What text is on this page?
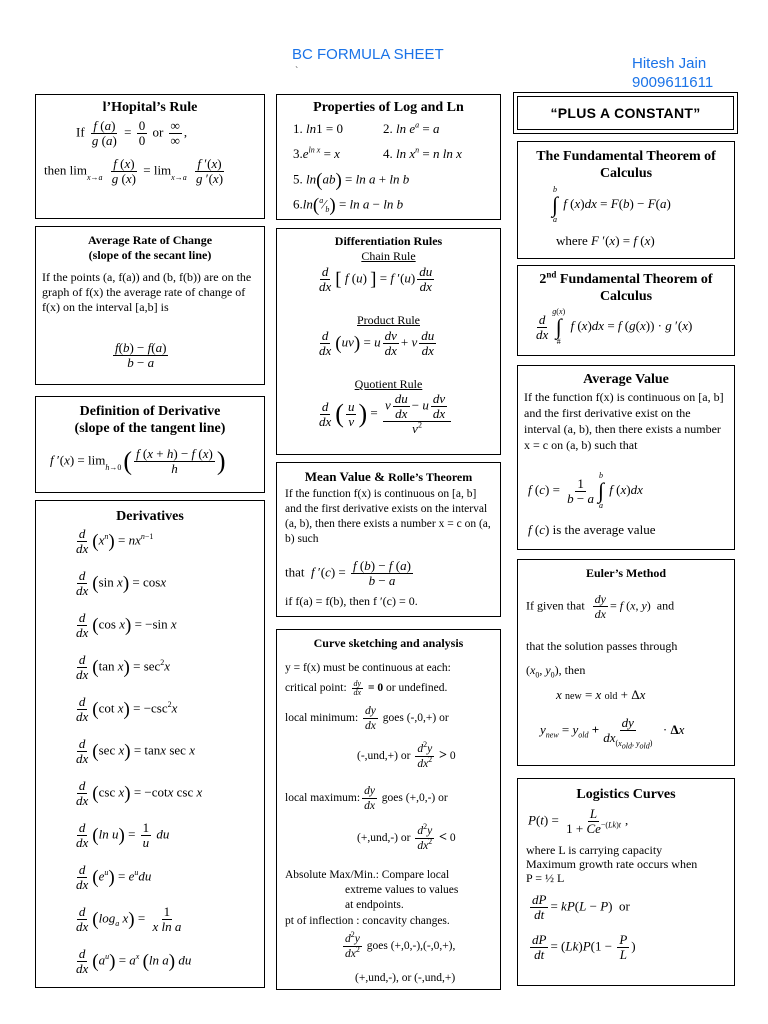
BC FORMULA SHEET
`	Hitesh Jain
9009611611
l’Hopital’s Rule
If $\frac{f (a)}{g (a)} = \frac{0}{0}$ or ∞
∞
,
then lim

x→a
$\frac{f (x)}{g (x)} = \lim$

x→a
$\frac{f '(x)}{g '(x)}$
Average Rate of Change
(slope of the secant line)
If the points (a, f(a)) and (b, f(b)) are on the graph of f(x) the average rate of change of f(x) on the interval [a,b] is
$\frac{f(b) - f(a)}{b - a}$
Definition of Derivative
(slope of the tangent line)
f ′(x) = lim

h→0 ( $\frac{f (x + h) - f (x)}{h}$ )
Derivatives
$\frac{d}{dx} (x^n) = nx^{n-1}$
$\frac{d}{dx} (\sin$ x) = cosx
$\frac{d}{dx} (\cos$ x) = −sin x
$\frac{d}{dx} (\tan$ $x) = \sec^2x$
$\frac{d}{dx} (\cot$ $x) = -\csc^2x$
$\frac{d}{dx} (\sec$ x) = tanx sec x
$\frac{d}{dx} (\csc$ x) = −cotx csc x
$\frac{d}{dx} (\ln$ $u) = \frac{1}{u}$ du
$\frac{d}{dx} (e^u) = e^udu$
$\frac{d}{dx} (\log_a$ $x) = \frac{1}{\text{x ln a}}$
$\frac{d}{dx} (a^u) = a^x$ (ln a) du
Properties of Log and Ln
1. ln1 = 0	2. $\ln e^a = a$
$3.e^{ln x} = x$	4. $\ln x^n = n$ ln x
5. ln(ab) = ln a + ln b
$6.\ln(^a⁄_b) = \ln a - \ln b$
Differentiation Rules
Chain Rule
$\frac{d}{dx}$ [ f (u) ] = f $'(u) \frac{du}{dx}$
Product Rule
$\frac{d}{dx} (uv) = u \frac{dv}{dx} + v \frac{du}{dx}$
Quotient Rule
$\frac{d}{dx}$ ( $\frac{u}{v}$ ) = v $\frac{du}{dx} - u \frac{dv}{dx}$
$v^2$
Mean Value & Rolle’s Theorem
If the function f(x) is continuous on [a, b] and the first derivative exists on the interval (a, b), then there exists a number x = c on (a, b) such
that f $'(c) = \frac{f (b) - f (a)}{b - a}$
if f(a) = f(b), then f ′(c) = 0.
Curve sketching and analysis
y = f(x) must be continuous at each:
critical point: $\frac{dy}{dx} = 0$ or undefined.
local minimum: $\frac{dy}{dx}$ goes (-,0,+) or
(-,und,+) or $\frac{d^2y}{dx^2} > 0$
local maximum: $\frac{dy}{dx}$ goes (+,0,-) or
(+,und,-) or $\frac{d^2y}{dx^2} < 0$
Absolute Max/Min.: Compare local
extreme values to values
at endpoints.
pt of inflection : concavity changes.
$\frac{d^2y}{dx^2}$ goes (+,0,-),(-,0,+),
(+,und,-), or (-,und,+)
“PLUS A CONSTANT”
The Fundamental Theorem of
Calculus
b
∫
a
f (x)dx = F(b) − F(a)
where F ′(x) = f (x)
2nd Fundamental Theorem of
Calculus
$\frac{d}{dx}$
g(x)
∫
#
f (x)dx = f (g(x)) · g ′(x)
Average Value
If the function f(x) is continuous on [a, b] and the first derivative exist on the interval (a, b), then there exists a number x = c on (a, b) such that
f $(c) = \frac{1}{b - a}$
b
∫
a
f (x)dx
f (c) is the average value
Euler’s Method
If given that $\frac{dy}{dx} = f$ (x, y)  and
that the solution passes through
($x_0$, $y_0$), then
x new = x old + Δx
$y_{new} = y_{old}$ + dy
$dx_{(x_{old}, y_{old})}$
· Δx
Logistics Curves
$P(t) = \frac{L}{1 + Ce^{-(Lk)t}}$ ,
where L is carrying capacity
Maximum growth rate occurs when
P = ½ L
$\frac{dP}{dt} = kP(L - P)$  or
$\frac{dP}{dt} = (Lk)P(1 - \frac{P}{L}$ )
